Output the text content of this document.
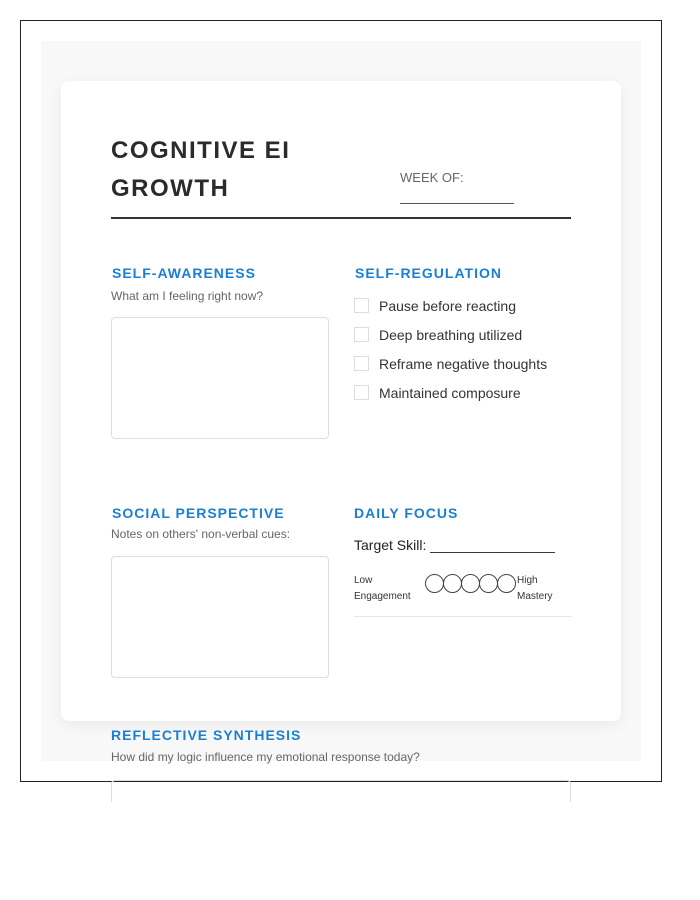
COGNITIVE EI
GROWTH	WEEK OF:
SELF-AWARENESS
What am I feeling right now?
SELF-REGULATION
Pause before reacting
Deep breathing utilized
Reframe negative thoughts
Maintained composure
SOCIAL PERSPECTIVE
Notes on others' non-verbal cues:
DAILY FOCUS
Target Skill: ________________
Low
Engagement
High
Mastery
REFLECTIVE SYNTHESIS
How did my logic influence my emotional response today?
